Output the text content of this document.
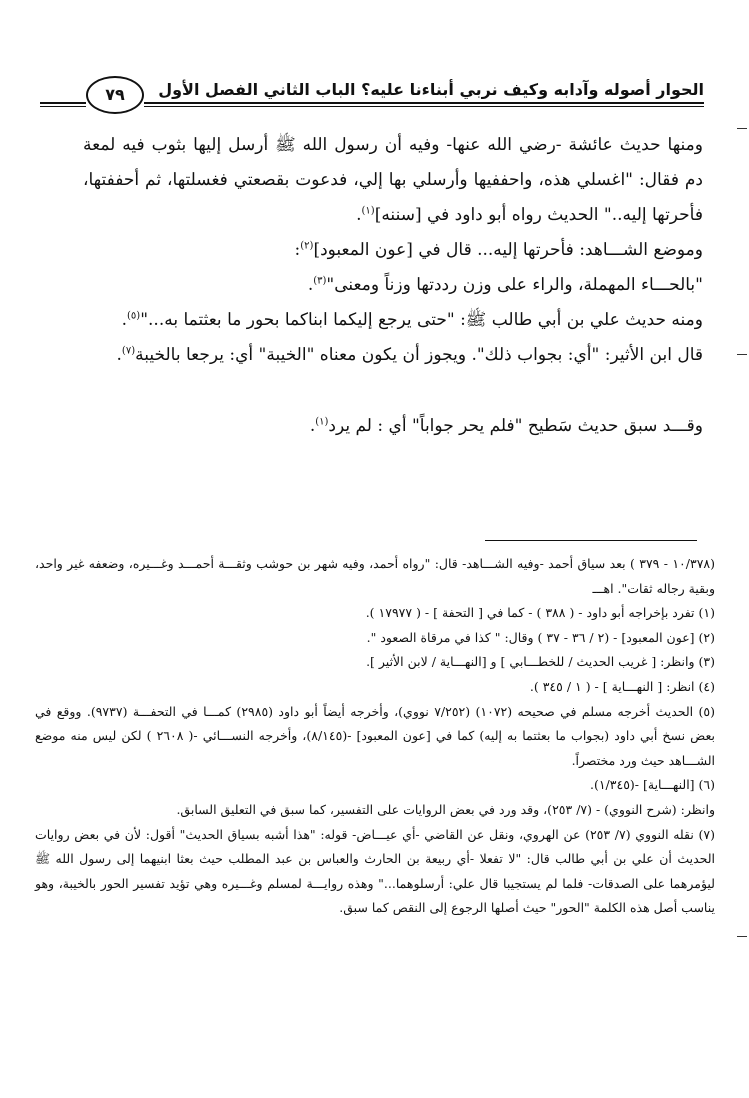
الحوار أصوله وآدابه وكيف نربي أبناءنا عليه؟ الباب الثاني الفصل الأول
٧٩

ومنها حديث عائشة -رضي الله عنها- وفيه أن رسول الله ﷺ أرسل إليها بثوب فيه لمعة دم فقال: "اغسلي هذه، واحففيها وأرسلي بها إلي، فدعوت بقصعتي فغسلتها، ثم أحففتها، فأحرتها إليه.." الحديث رواه أبو داود في [سننه]$^{(١)}$.

وموضع الشـــاهد: فأحرتها إليه... قال في [عون المعبود]$^{(٢)}$:

"بالحـــاء المهملة، والراء على وزن رددتها وزناً ومعنى"$^{(٣)}$.

ومنه حديث علي بن أبي طالب ﷺ: "حتى يرجع إليكما ابناكما بحور ما بعثتما به..."$^{(٥)}$.

قال ابن الأثير: "أي: بجواب ذلك". ويجوز أن يكون معناه "الخيبة" أي: يرجعا بالخيبة$^{(٧)}$.

وقـــد سبق حديث سَطيح "فلم يحر جواباً" أي : لم يرد$^{(١)}$.

(١٠/٣٧٨ - ٣٧٩ ) بعد سياق أحمد -وفيه الشـــاهد- قال: "رواه أحمد، وفيه شهر بن حوشب وثقـــة أحمـــد وغـــيره، وضعفه غير واحد، وبقية رجاله ثقات". اهـــ

(١) تفرد بإخراجه أبو داود - ( ٣٨٨ ) - كما في [ التحفة ] - ( ١٧٩٧٧ ).

(٢) [عون المعبود] - (٢ / ٣٦ - ٣٧ ) وقال: " كذا في مرقاة الصعود ".

(٣) وانظر: [ غريب الحديث / للخطـــابي ] و [النهـــاية / لابن الأثير ].

(٤) انظر: [ النهـــاية ] - ( ١ / ٣٤٥ ).

(٥) الحديث أخرجه مسلم في صحيحه (١٠٧٢) (٧/٢٥٢ نووي)، وأخرجه أيضاً أبو داود (٢٩٨٥) كمـــا في التحفـــة (٩٧٣٧). ووقع في بعض نسخ أبي داود (بجواب ما بعثتما به إليه) كما في [عون المعبود] -(٨/١٤٥)، وأخرجه النســـائي -( ٢٦٠٨ ) لكن ليس منه موضع الشـــاهد حيث ورد مختصراً.

(٦) [النهـــاية] -(١/٣٤٥).

وانظر: (شرح النووي) - (٧/ ٢٥٣)، وقد ورد في بعض الروايات على التفسير، كما سبق في التعليق السابق.

(٧) نقله النووي (٧/ ٢٥٣) عن الهروي، ونقل عن القاضي -أي عيـــاض- قوله: "هذا أشبه بسياق الحديث" أقول: لأن في بعض روايات الحديث أن علي بن أبي طالب قال: "لا تفعلا -أي ربيعة بن الحارث والعباس بن عبد المطلب حيث بعثا ابنيهما إلى رسول الله ﷺ ليؤمرهما على الصدقات- فلما لم يستجيبا قال علي: أرسلوهما..." وهذه روايـــة لمسلم وغـــيره وهي تؤيد تفسير الحور بالخيبة، وهو يناسب أصل هذه الكلمة "الحور" حيث أصلها الرجوع إلى النقص كما سبق.
